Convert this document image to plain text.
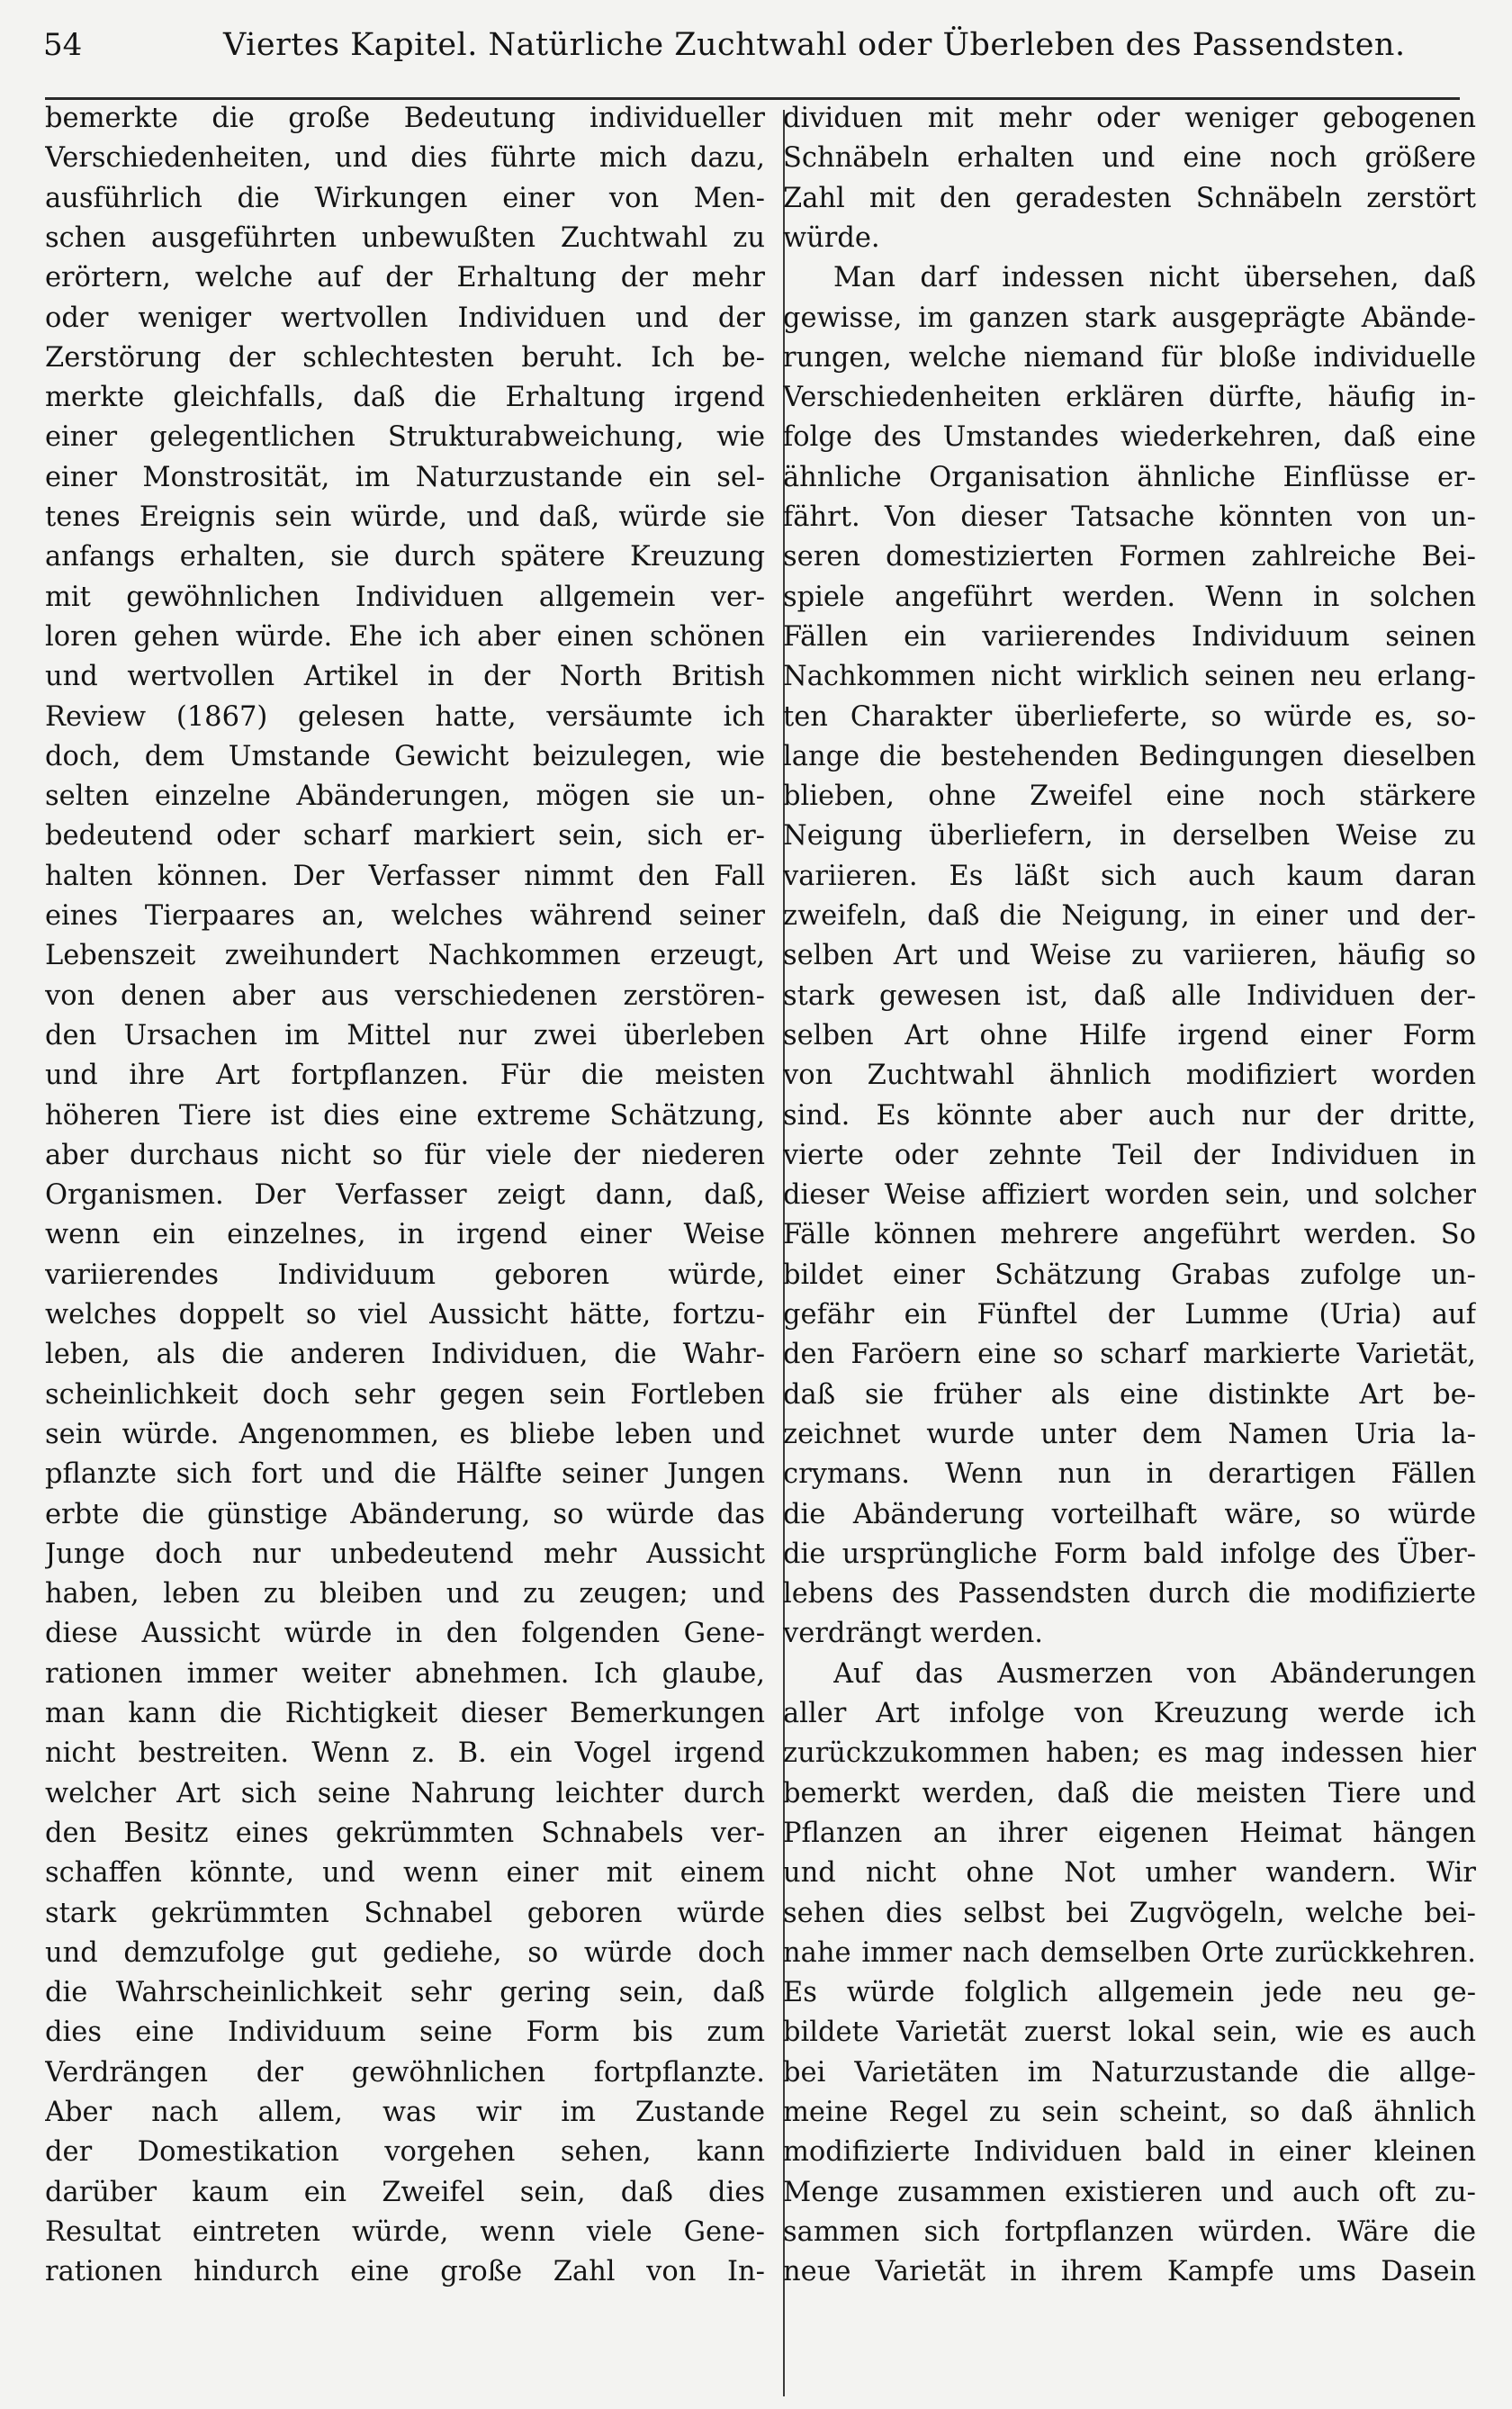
54	Viertes Kapitel. Natürliche Zuchtwahl oder Überleben des Passendsten.
bemerkte die große Bedeutung individueller
Verschiedenheiten, und dies führte mich dazu,
ausführlich die Wirkungen einer von Men-
schen ausgeführten unbewußten Zuchtwahl zu
erörtern, welche auf der Erhaltung der mehr
oder weniger wertvollen Individuen und der
Zerstörung der schlechtesten beruht. Ich be-
merkte gleichfalls, daß die Erhaltung irgend
einer gelegentlichen Strukturabweichung, wie
einer Monstrosität, im Naturzustande ein sel-
tenes Ereignis sein würde, und daß, würde sie
anfangs erhalten, sie durch spätere Kreuzung
mit gewöhnlichen Individuen allgemein ver-
loren gehen würde. Ehe ich aber einen schönen
und wertvollen Artikel in der North British
Review (1867) gelesen hatte, versäumte ich
doch, dem Umstande Gewicht beizulegen, wie
selten einzelne Abänderungen, mögen sie un-
bedeutend oder scharf markiert sein, sich er-
halten können. Der Verfasser nimmt den Fall
eines Tierpaares an, welches während seiner
Lebenszeit zweihundert Nachkommen erzeugt,
von denen aber aus verschiedenen zerstören-
den Ursachen im Mittel nur zwei überleben
und ihre Art fortpflanzen. Für die meisten
höheren Tiere ist dies eine extreme Schätzung,
aber durchaus nicht so für viele der niederen
Organismen. Der Verfasser zeigt dann, daß,
wenn ein einzelnes, in irgend einer Weise
variierendes Individuum geboren würde,
welches doppelt so viel Aussicht hätte, fortzu-
leben, als die anderen Individuen, die Wahr-
scheinlichkeit doch sehr gegen sein Fortleben
sein würde. Angenommen, es bliebe leben und
pflanzte sich fort und die Hälfte seiner Jungen
erbte die günstige Abänderung, so würde das
Junge doch nur unbedeutend mehr Aussicht
haben, leben zu bleiben und zu zeugen; und
diese Aussicht würde in den folgenden Gene-
rationen immer weiter abnehmen. Ich glaube,
man kann die Richtigkeit dieser Bemerkungen
nicht bestreiten. Wenn z. B. ein Vogel irgend
welcher Art sich seine Nahrung leichter durch
den Besitz eines gekrümmten Schnabels ver-
schaffen könnte, und wenn einer mit einem
stark gekrümmten Schnabel geboren würde
und demzufolge gut gediehe, so würde doch
die Wahrscheinlichkeit sehr gering sein, daß
dies eine Individuum seine Form bis zum
Verdrängen der gewöhnlichen fortpflanzte.
Aber nach allem, was wir im Zustande
der Domestikation vorgehen sehen, kann
darüber kaum ein Zweifel sein, daß dies
Resultat eintreten würde, wenn viele Gene-
rationen hindurch eine große Zahl von In-
dividuen mit mehr oder weniger gebogenen
Schnäbeln erhalten und eine noch größere
Zahl mit den geradesten Schnäbeln zerstört
würde.
Man darf indessen nicht übersehen, daß
gewisse, im ganzen stark ausgeprägte Abände-
rungen, welche niemand für bloße individuelle
Verschiedenheiten erklären dürfte, häufig in-
folge des Umstandes wiederkehren, daß eine
ähnliche Organisation ähnliche Einflüsse er-
fährt. Von dieser Tatsache könnten von un-
seren domestizierten Formen zahlreiche Bei-
spiele angeführt werden. Wenn in solchen
Fällen ein variierendes Individuum seinen
Nachkommen nicht wirklich seinen neu erlang-
ten Charakter überlieferte, so würde es, so-
lange die bestehenden Bedingungen dieselben
blieben, ohne Zweifel eine noch stärkere
Neigung überliefern, in derselben Weise zu
variieren. Es läßt sich auch kaum daran
zweifeln, daß die Neigung, in einer und der-
selben Art und Weise zu variieren, häufig so
stark gewesen ist, daß alle Individuen der-
selben Art ohne Hilfe irgend einer Form
von Zuchtwahl ähnlich modifiziert worden
sind. Es könnte aber auch nur der dritte,
vierte oder zehnte Teil der Individuen in
dieser Weise affiziert worden sein, und solcher
Fälle können mehrere angeführt werden. So
bildet einer Schätzung Grabas zufolge un-
gefähr ein Fünftel der Lumme (Uria) auf
den Faröern eine so scharf markierte Varietät,
daß sie früher als eine distinkte Art be-
zeichnet wurde unter dem Namen Uria la-
crymans. Wenn nun in derartigen Fällen
die Abänderung vorteilhaft wäre, so würde
die ursprüngliche Form bald infolge des Über-
lebens des Passendsten durch die modifizierte
verdrängt werden.
Auf das Ausmerzen von Abänderungen
aller Art infolge von Kreuzung werde ich
zurückzukommen haben; es mag indessen hier
bemerkt werden, daß die meisten Tiere und
Pflanzen an ihrer eigenen Heimat hängen
und nicht ohne Not umher wandern. Wir
sehen dies selbst bei Zugvögeln, welche bei-
nahe immer nach demselben Orte zurückkehren.
Es würde folglich allgemein jede neu ge-
bildete Varietät zuerst lokal sein, wie es auch
bei Varietäten im Naturzustande die allge-
meine Regel zu sein scheint, so daß ähnlich
modifizierte Individuen bald in einer kleinen
Menge zusammen existieren und auch oft zu-
sammen sich fortpflanzen würden. Wäre die
neue Varietät in ihrem Kampfe ums Dasein
